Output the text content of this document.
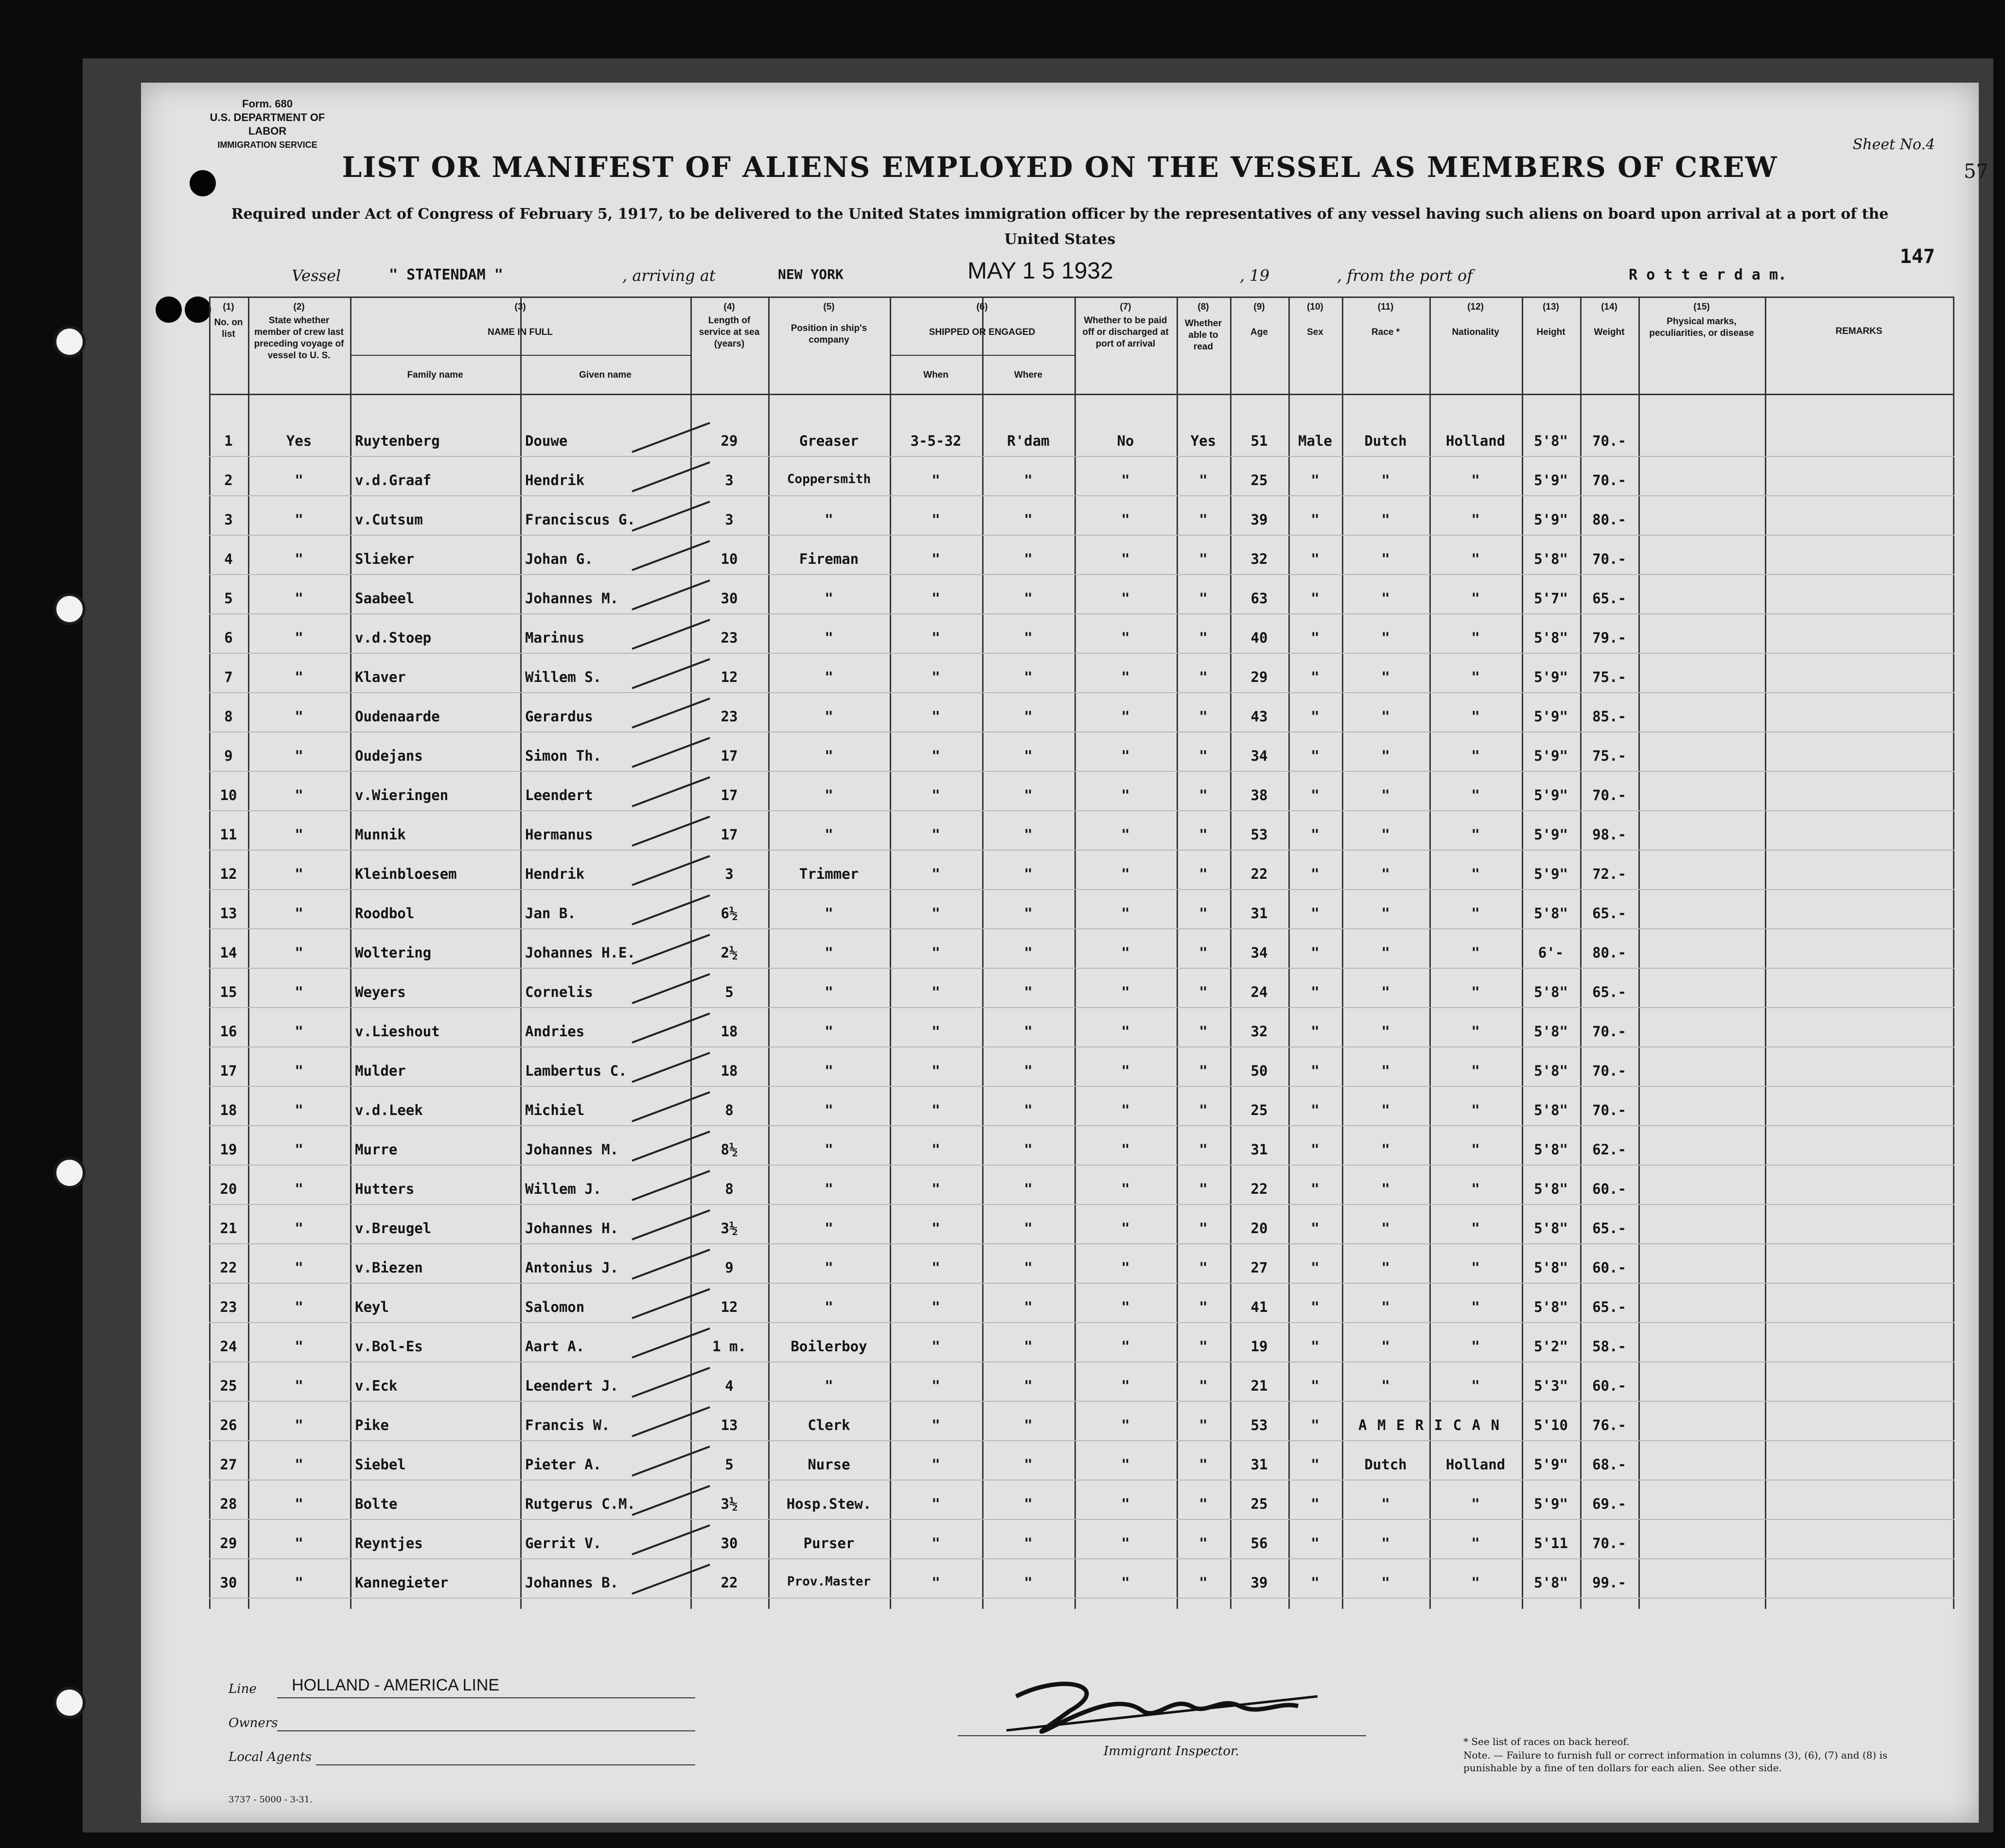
Form. 680
U.S. DEPARTMENT OF LABOR
IMMIGRATION SERVICE	Sheet No.4
57
LIST OR MANIFEST OF ALIENS EMPLOYED ON THE VESSEL AS MEMBERS OF CREW
Required under Act of Congress of February 5, 1917, to be delivered to the United States immigration officer by the representatives of any vessel having such aliens on board upon arrival at a port of the United States
147
Vessel	" STATENDAM "	, arriving at	NEW YORK	MAY 1 5 1932	, 19	, from the port of	R o t t e r d a m.
(1)
No. on list
(2)
State whether member of crew last preceding voyage of vessel to U. S.
(3)
NAME IN FULL
Family name	Given name
(4)
Length of service at sea (years)
(5)
Position in ship's company
(6)
SHIPPED OR ENGAGED
When	Where
(7)
Whether to be paid off or discharged at port of arrival
(8)
Whether able to read
(9)
Age
(10)
Sex
(11)
Race *
(12)
Nationality
(13)
Height
(14)
Weight
(15)
Physical marks, peculiarities, or disease	REMARKS
1	Yes	Ruytenberg	Douwe	29	Greaser	3-5-32	R'dam	No	Yes	51	Male	Dutch	Holland	5'8"	70.-
2	"	v.d.Graaf	Hendrik	3	Coppersmith	"	"	"	"	25	"	"	"	5'9"	70.-
3	"	v.Cutsum	Franciscus G.	3	"	"	"	"	"	39	"	"	"	5'9"	80.-
4	"	Slieker	Johan G.	10	Fireman	"	"	"	"	32	"	"	"	5'8"	70.-
5	"	Saabeel	Johannes M.	30	"	"	"	"	"	63	"	"	"	5'7"	65.-
6	"	v.d.Stoep	Marinus	23	"	"	"	"	"	40	"	"	"	5'8"	79.-
7	"	Klaver	Willem S.	12	"	"	"	"	"	29	"	"	"	5'9"	75.-
8	"	Oudenaarde	Gerardus	23	"	"	"	"	"	43	"	"	"	5'9"	85.-
9	"	Oudejans	Simon Th.	17	"	"	"	"	"	34	"	"	"	5'9"	75.-
10	"	v.Wieringen	Leendert	17	"	"	"	"	"	38	"	"	"	5'9"	70.-
11	"	Munnik	Hermanus	17	"	"	"	"	"	53	"	"	"	5'9"	98.-
12	"	Kleinbloesem	Hendrik	3	Trimmer	"	"	"	"	22	"	"	"	5'9"	72.-
13	"	Roodbol	Jan B.	6½	"	"	"	"	"	31	"	"	"	5'8"	65.-
14	"	Woltering	Johannes H.E.	2½	"	"	"	"	"	34	"	"	"	6'-	80.-
15	"	Weyers	Cornelis	5	"	"	"	"	"	24	"	"	"	5'8"	65.-
16	"	v.Lieshout	Andries	18	"	"	"	"	"	32	"	"	"	5'8"	70.-
17	"	Mulder	Lambertus C.	18	"	"	"	"	"	50	"	"	"	5'8"	70.-
18	"	v.d.Leek	Michiel	8	"	"	"	"	"	25	"	"	"	5'8"	70.-
19	"	Murre	Johannes M.	8½	"	"	"	"	"	31	"	"	"	5'8"	62.-
20	"	Hutters	Willem J.	8	"	"	"	"	"	22	"	"	"	5'8"	60.-
21	"	v.Breugel	Johannes H.	3½	"	"	"	"	"	20	"	"	"	5'8"	65.-
22	"	v.Biezen	Antonius J.	9	"	"	"	"	"	27	"	"	"	5'8"	60.-
23	"	Keyl	Salomon	12	"	"	"	"	"	41	"	"	"	5'8"	65.-
24	"	v.Bol-Es	Aart A.	1 m.	Boilerboy	"	"	"	"	19	"	"	"	5'2"	58.-
25	"	v.Eck	Leendert J.	4	"	"	"	"	"	21	"	"	"	5'3"	60.-
26	"	Pike	Francis W.	13	Clerk	"	"	"	"	53	"	A M E R I C A N	5'10	76.-
27	"	Siebel	Pieter A.	5	Nurse	"	"	"	"	31	"	Dutch	Holland	5'9"	68.-
28	"	Bolte	Rutgerus C.M.	3½	Hosp.Stew.	"	"	"	"	25	"	"	"	5'9"	69.-
29	"	Reyntjes	Gerrit V.	30	Purser	"	"	"	"	56	"	"	"	5'11	70.-
30	"	Kannegieter	Johannes B.	22	Prov.Master	"	"	"	"	39	"	"	"	5'8"	99.-
Line HOLLAND - AMERICA LINE
Owners
Local Agents
3737 - 5000 - 3-31.
Immigrant Inspector.
* See list of races on back hereof.
Note. — Failure to furnish full or correct information in columns (3), (6), (7) and (8) is punishable by a fine of ten dollars for each alien. See other side.
